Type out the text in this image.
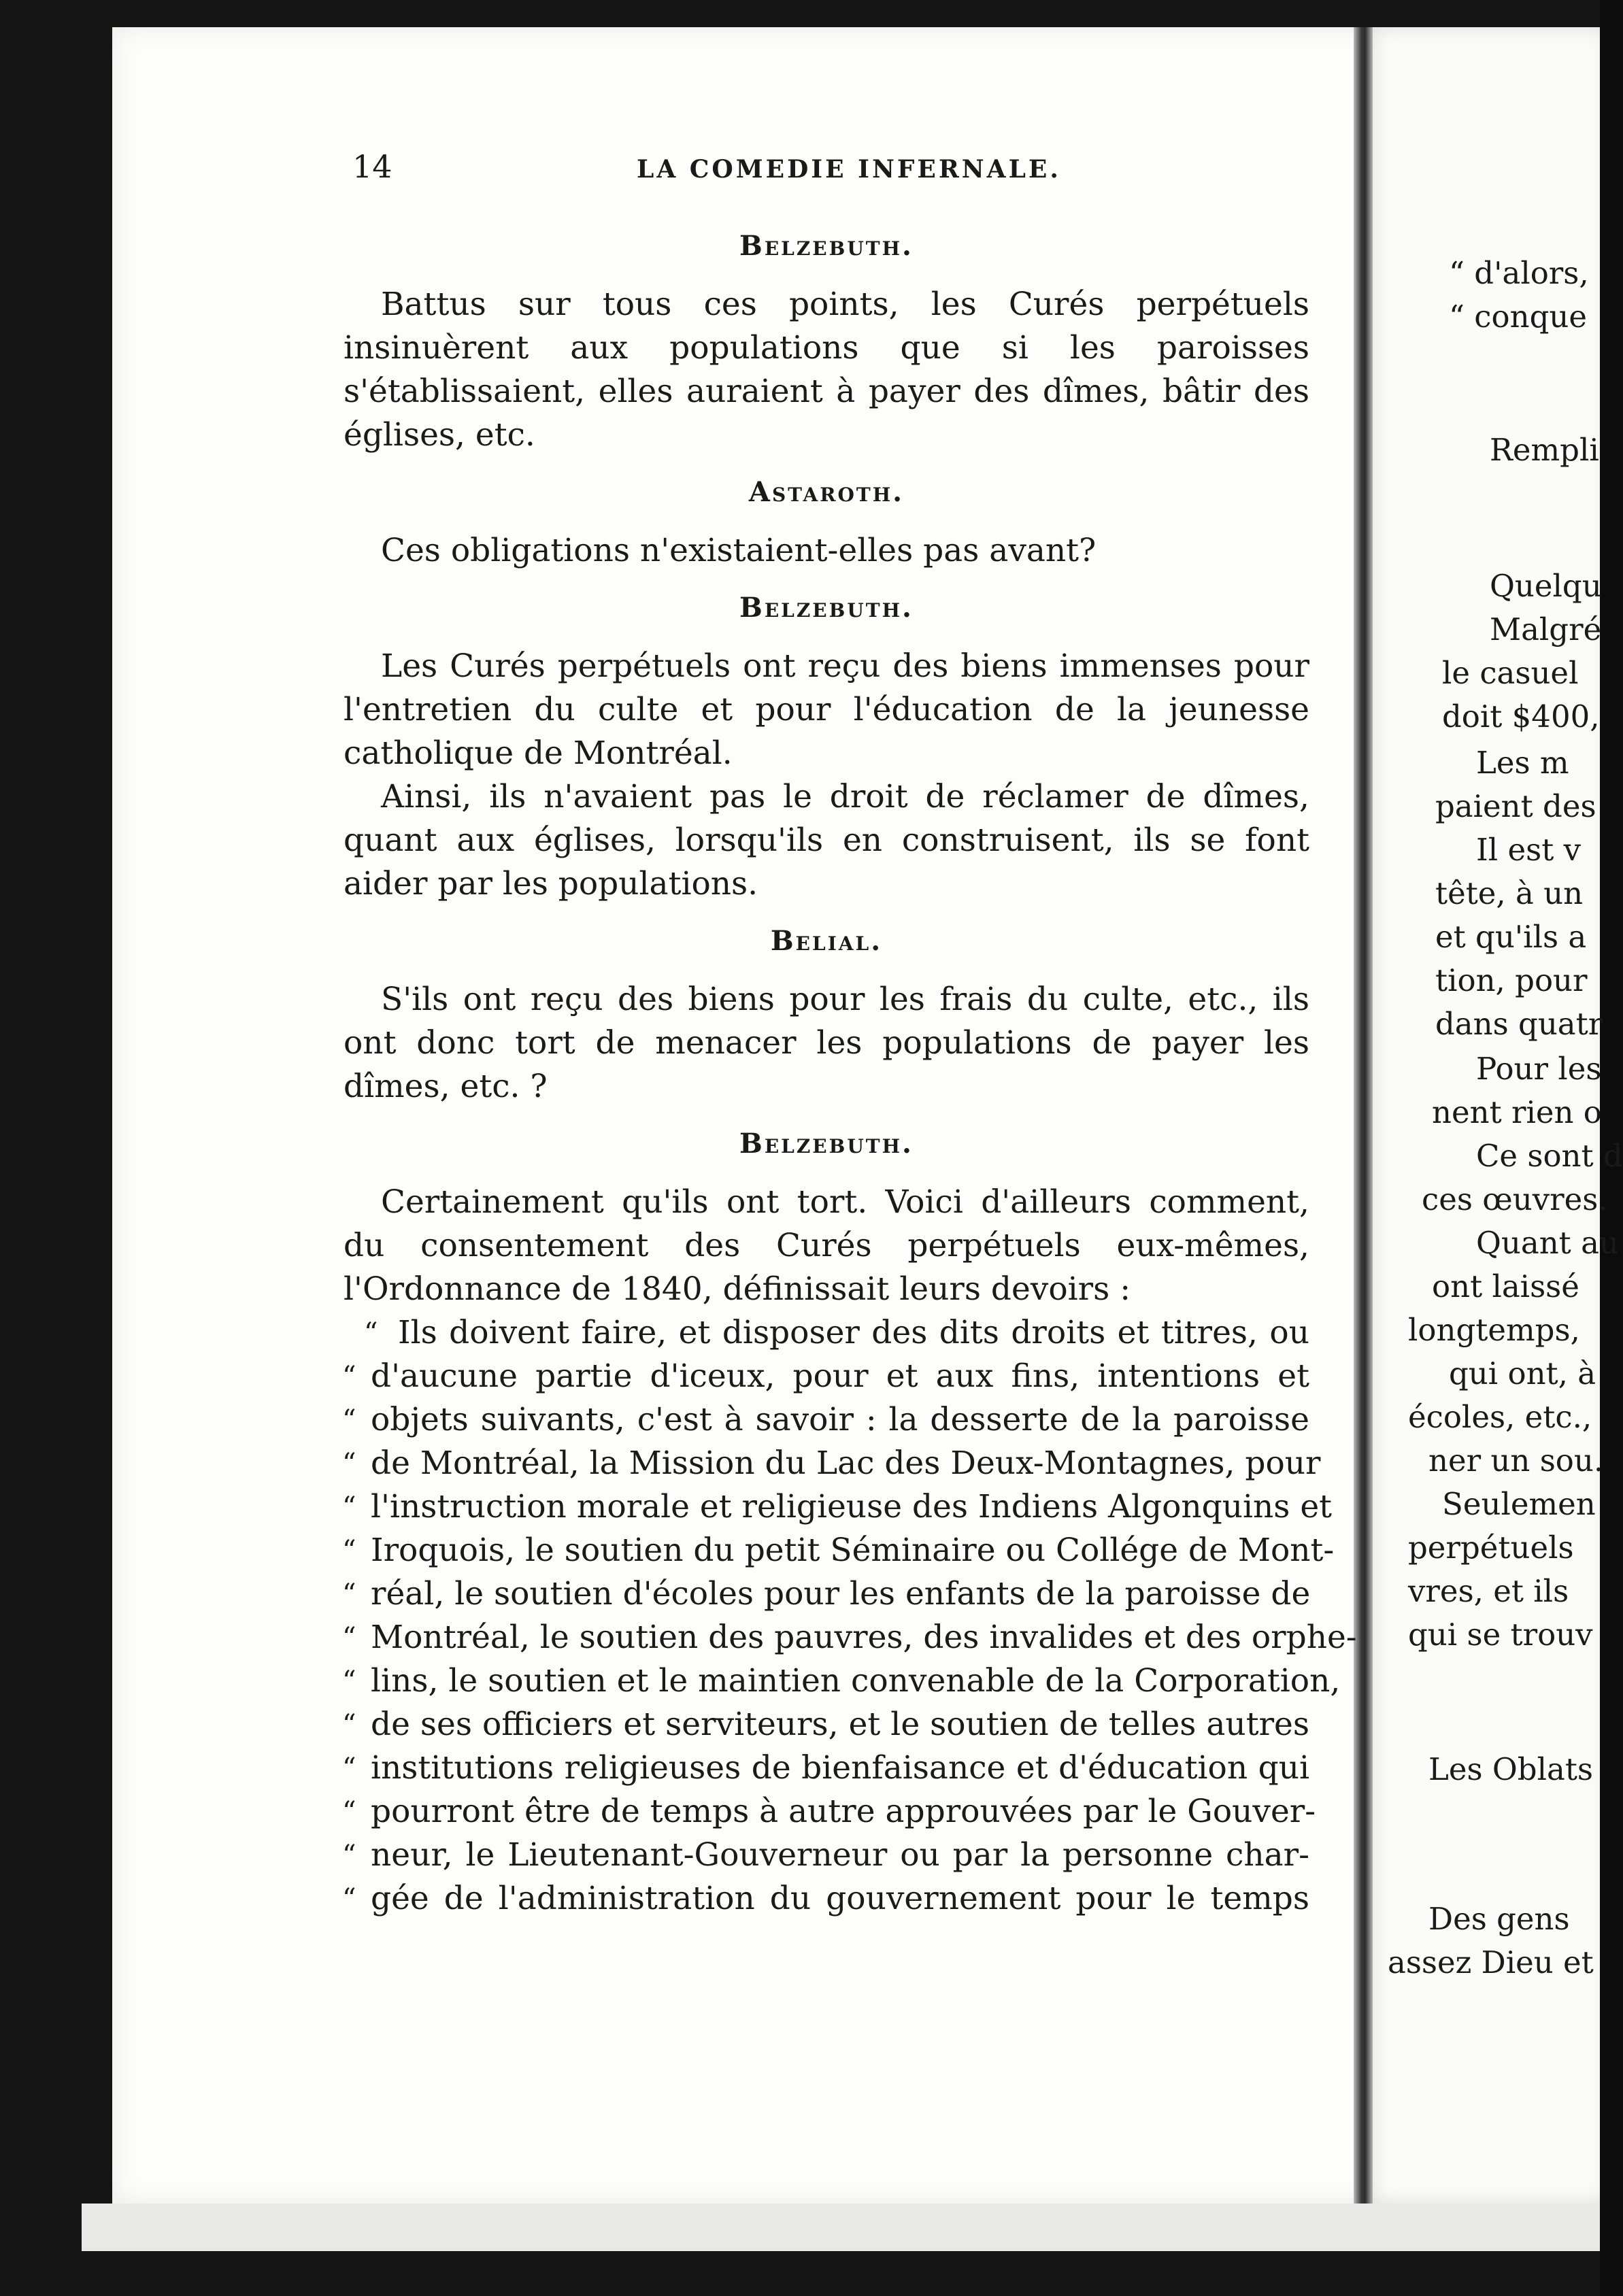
14	LA COMEDIE INFERNALE.
Belzebuth.

Battus sur tous ces points, les Curés perpétuels insinuèrent aux populations que si les paroisses s'établissaient, elles auraient à payer des dîmes, bâtir des églises, etc.

Astaroth.

Ces obligations n'existaient-elles pas avant?

Belzebuth.

Les Curés perpétuels ont reçu des biens immenses pour l'entretien du culte et pour l'éducation de la jeunesse catholique de Montréal.

Ainsi, ils n'avaient pas le droit de réclamer de dîmes, quant aux églises, lorsqu'ils en construisent, ils se font aider par les populations.

Belial.

S'ils ont reçu des biens pour les frais du culte, etc., ils ont donc tort de menacer les populations de payer les dîmes, etc. ?

Belzebuth.

Certainement qu'ils ont tort. Voici d'ailleurs comment, du consentement des Curés perpétuels eux-mêmes, l'Ordonnance de 1840, définissait leurs devoirs :

“ Ils doivent faire, et disposer des dits droits et titres, ou
“ d'aucune partie d'iceux, pour et aux fins, intentions et
“ objets suivants, c'est à savoir : la desserte de la paroisse
“ de Montréal, la Mission du Lac des Deux-Montagnes, pour
“ l'instruction morale et religieuse des Indiens Algonquins et
“ Iroquois, le soutien du petit Séminaire ou Collége de Mont-
“ réal, le soutien d'écoles pour les enfants de la paroisse de
“ Montréal, le soutien des pauvres, des invalides et des orphe-
“ lins, le soutien et le maintien convenable de la Corporation,
“ de ses officiers et serviteurs, et le soutien de telles autres
“ institutions religieuses de bienfaisance et d'éducation qui
“ pourront être de temps à autre approuvées par le Gouver-
“ neur, le Lieutenant-Gouverneur ou par la personne char-
“ gée de l'administration du gouvernement pour le temps
“ d'alors,
“ conque
Rempli
Quelqu
Malgré
le casuel
doit $400,
Les m
paient des
Il est v
tête, à un
et qu'ils a
tion, pour
dans quatr
Pour les
nent rien o
Ce sont d
ces œuvres.
Quant au
ont laissé
longtemps,
qui ont, à
écoles, etc.,
ner un sou.
Seulemen
perpétuels
vres, et ils
qui se trouv
Les Oblats
Des gens
assez Dieu et
